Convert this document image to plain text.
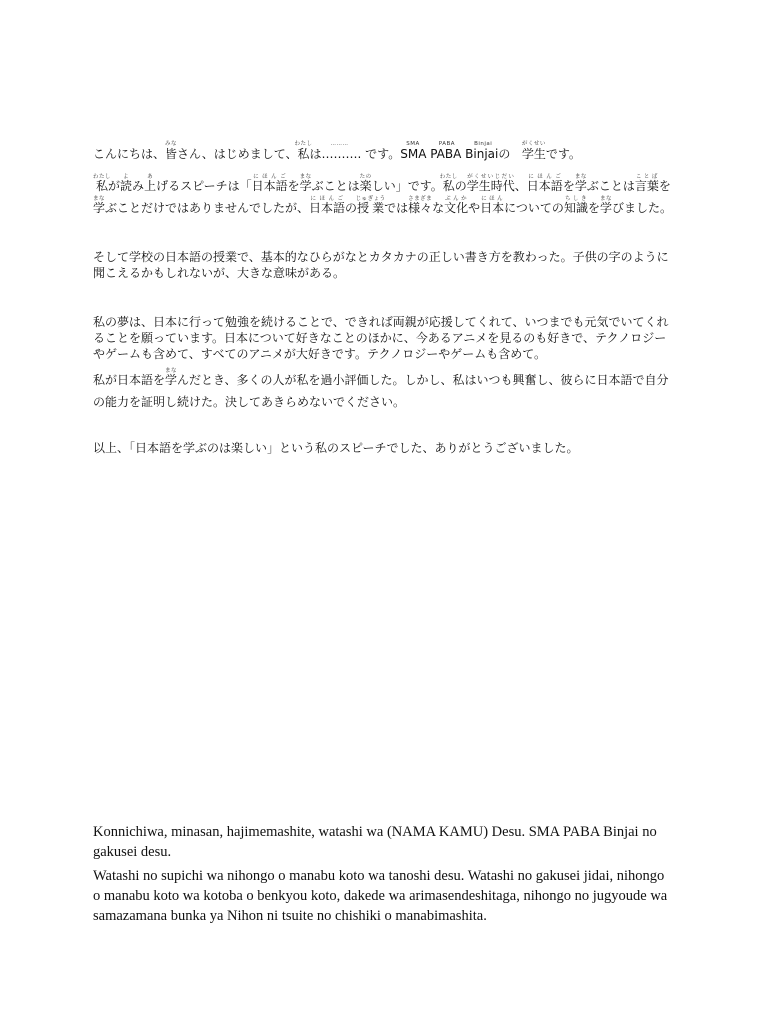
こんにちは、皆みなさん、はじめまして、私わたしは………………. です。SMA PABA BinjaiSMA PABA Binjaiの 学生がくせいです。

私わたしが読よみ上あげるスピーチは「日本語にほんごを学まなぶことは楽たのしい」です。私わたしの学生時代がくせいじだい、日本語にほんごを学まなぶことは言葉ことばを学まなぶことだけではありませんでしたが、日本語にほんごの授業じゅぎょうでは様々さまざまな文化ぶんかや日本にほんについての知識ちしきを学まなびました。

そして学校の日本語の授業で、基本的なひらがなとカタカナの正しい書き方を教わった。子供の字のように聞こえるかもしれないが、大きな意味がある。

私の夢は、日本に行って勉強を続けることで、できれば両親が応援してくれて、いつまでも元気でいてくれることを願っています。日本について好きなことのほかに、今あるアニメを見るのも好きで、テクノロジーやゲームも含めて、すべてのアニメが大好きです。テクノロジーやゲームも含めて。

私が日本語を学まなんだとき、多くの人が私を過小評価した。しかし、私はいつも興奮し、彼らに日本語で自分の能力を証明し続けた。決してあきらめないでください。

以上、「日本語を学ぶのは楽しい」という私のスピーチでした、ありがとうございました。

Konnichiwa, minasan, hajimemashite, watashi wa (NAMA KAMU) Desu. SMA PABA Binjai no gakusei desu.

Watashi no supichi wa nihongo o manabu koto wa tanoshi desu. Watashi no gakusei jidai, nihongo o manabu koto wa kotoba o benkyou koto, dakede wa arimasendeshitaga, nihongo no jugyoude wa samazamana bunka ya Nihon ni tsuite no chishiki o manabimashita.
